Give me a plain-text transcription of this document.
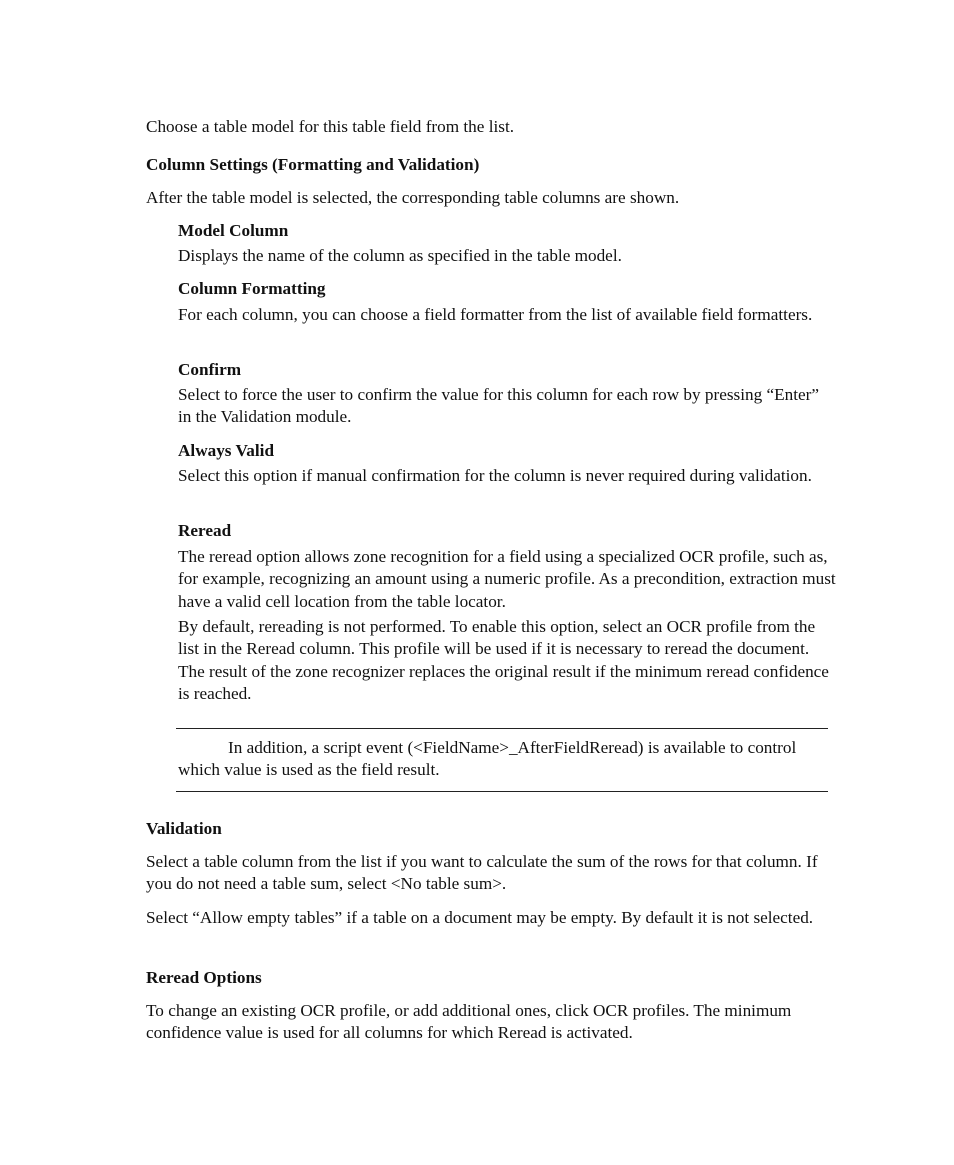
Choose a table model for this table field from the list.

Column Settings (Formatting and Validation)

After the table model is selected, the corresponding table columns are shown.

Model Column

Displays the name of the column as specified in the table model.

Column Formatting

For each column, you can choose a field formatter from the list of available field formatters.

Confirm

Select to force the user to confirm the value for this column for each row by pressing “Enter” in the Validation module.

Always Valid

Select this option if manual confirmation for the column is never required during validation.

Reread

The reread option allows zone recognition for a field using a specialized OCR profile, such as, for example, recognizing an amount using a numeric profile. As a precondition, extraction must have a valid cell location from the table locator.

By default, rereading is not performed. To enable this option, select an OCR profile from the list in the Reread column. This profile will be used if it is necessary to reread the document. The result of the zone recognizer replaces the original result if the minimum reread confidence is reached.

In addition, a script event (<FieldName>_AfterFieldReread) is available to control which value is used as the field result.

Validation

Select a table column from the list if you want to calculate the sum of the rows for that column. If you do not need a table sum, select <No table sum>.

Select “Allow empty tables” if a table on a document may be empty. By default it is not selected.

Reread Options

To change an existing OCR profile, or add additional ones, click OCR profiles. The minimum confidence value is used for all columns for which Reread is activated.
